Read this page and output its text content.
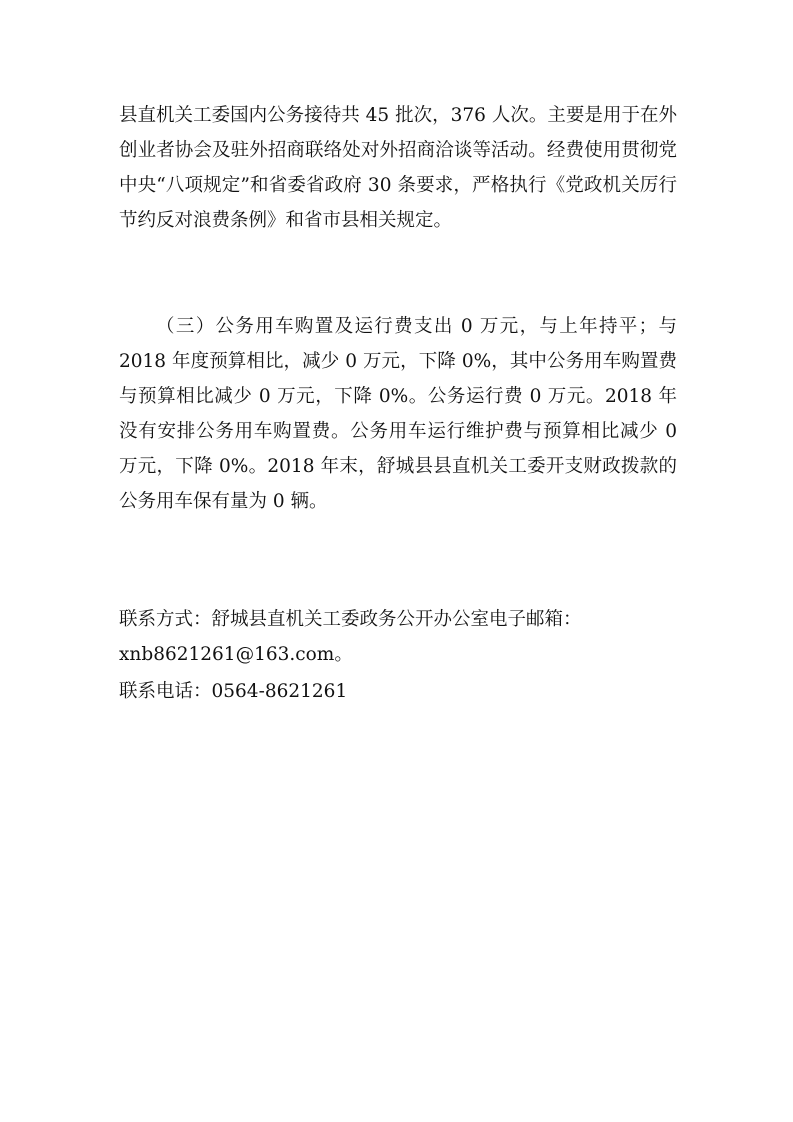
县直机关工委国内公务接待共 45 批次，376 人次。主要是用于在外创业者协会及驻外招商联络处对外招商洽谈等活动。经费使用贯彻党中央“八项规定”和省委省政府 30 条要求，严格执行《党政机关厉行节约反对浪费条例》和省市县相关规定。

（三）公务用车购置及运行费支出 0 万元，与上年持平；与 2018 年度预算相比，减少 0 万元，下降 0%，其中公务用车购置费与预算相比减少 0 万元，下降 0%。公务运行费 0 万元。2018 年没有安排公务用车购置费。公务用车运行维护费与预算相比减少 0 万元，下降 0%。2018 年末，舒城县县直机关工委开支财政拨款的公务用车保有量为 0 辆。

联系方式：舒城县直机关工委政务公开办公室电子邮箱：
xnb8621261@163.com。
联系电话：0564-8621261
